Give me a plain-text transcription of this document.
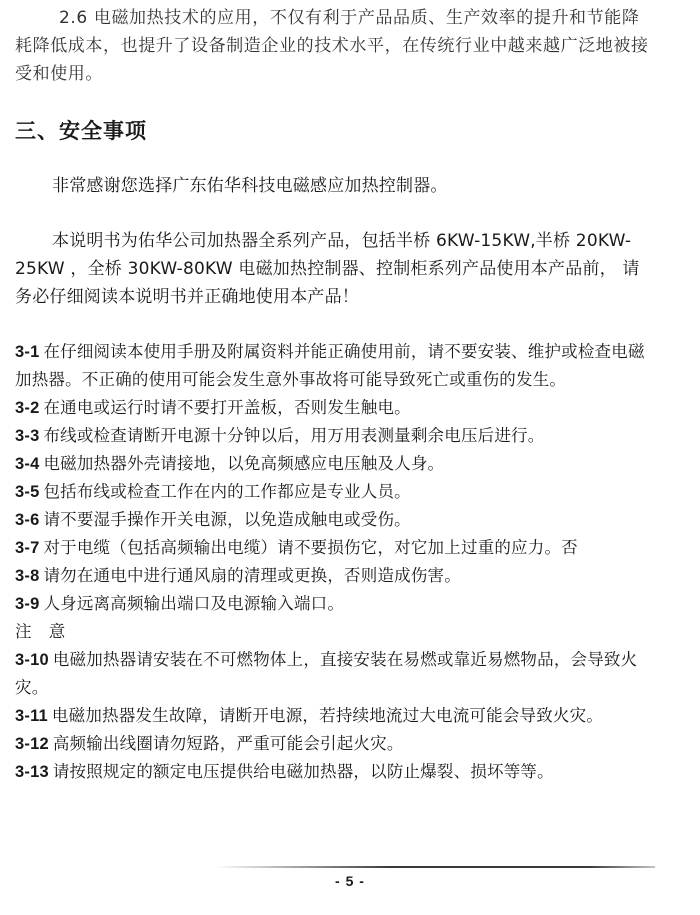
2.6 电磁加热技术的应用，不仅有利于产品品质、生产效率的提升和节能降耗降低成本，也提升了设备制造企业的技术水平，在传统行业中越来越广泛地被接受和使用。

三、安全事项

非常感谢您选择广东佑华科技电磁感应加热控制器。

本说明书为佑华公司加热器全系列产品，包括半桥 6KW-15KW,半桥 20KW-25KW ，全桥 30KW-80KW 电磁加热控制器、控制柜系列产品使用本产品前， 请务必仔细阅读本说明书并正确地使用本产品！

3-1 在仔细阅读本使用手册及附属资料并能正确使用前，请不要安装、维护或检查电磁加热器。不正确的使用可能会发生意外事故将可能导致死亡或重伤的发生。
3-2 在通电或运行时请不要打开盖板，否则发生触电。
3-3 布线或检查请断开电源十分钟以后，用万用表测量剩余电压后进行。
3-4 电磁加热器外壳请接地，以免高频感应电压触及人身。
3-5 包括布线或检查工作在内的工作都应是专业人员。
3-6 请不要湿手操作开关电源，以免造成触电或受伤。
3-7 对于电缆（包括高频输出电缆）请不要损伤它，对它加上过重的应力。否
3-8 请勿在通电中进行通风扇的清理或更换，否则造成伤害。
3-9 人身远离高频输出端口及电源输入端口。
注 意
3-10 电磁加热器请安装在不可燃物体上，直接安装在易燃或靠近易燃物品，会导致火灾。
3-11 电磁加热器发生故障，请断开电源，若持续地流过大电流可能会导致火灾。
3-12 高频输出线圈请勿短路，严重可能会引起火灾。
3-13 请按照规定的额定电压提供给电磁加热器，以防止爆裂、损坏等等。
- 5 -
